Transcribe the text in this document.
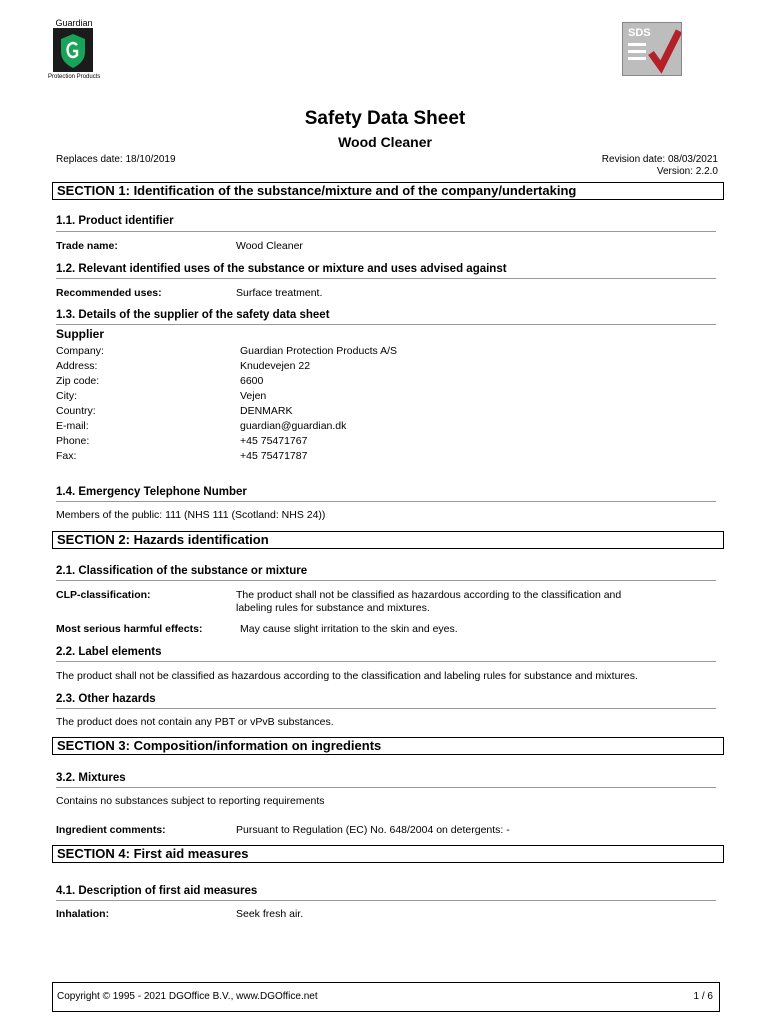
Guardian
Protection Products
SDS
Safety Data Sheet
Wood Cleaner
Replaces date: 18/10/2019	Revision date: 08/03/2021
Version: 2.2.0
SECTION 1: Identification of the substance/mixture and of the company/undertaking
1.1. Product identifier
Trade name:	Wood Cleaner
1.2. Relevant identified uses of the substance or mixture and uses advised against
Recommended uses:	Surface treatment.
1.3. Details of the supplier of the safety data sheet
Supplier
Company:	Guardian Protection Products A/S
Address:	Knudevejen 22
Zip code:	6600
City:	Vejen
Country:	DENMARK
E-mail:	guardian@guardian.dk
Phone:	+45 75471767
Fax:	+45 75471787
1.4. Emergency Telephone Number
Members of the public: 111 (NHS 111 (Scotland: NHS 24))
SECTION 2: Hazards identification
2.1. Classification of the substance or mixture
CLP-classification:	The product shall not be classified as hazardous according to the classification and
labeling rules for substance and mixtures.
Most serious harmful effects:	May cause slight irritation to the skin and eyes.
2.2. Label elements
The product shall not be classified as hazardous according to the classification and labeling rules for substance and mixtures.
2.3. Other hazards
The product does not contain any PBT or vPvB substances.
SECTION 3: Composition/information on ingredients
3.2. Mixtures
Contains no substances subject to reporting requirements
Ingredient comments:	Pursuant to Regulation (EC) No. 648/2004 on detergents: -
SECTION 4: First aid measures
4.1. Description of first aid measures
Inhalation:	Seek fresh air.
Copyright © 1995 - 2021 DGOffice B.V., www.DGOffice.net	1 / 6
